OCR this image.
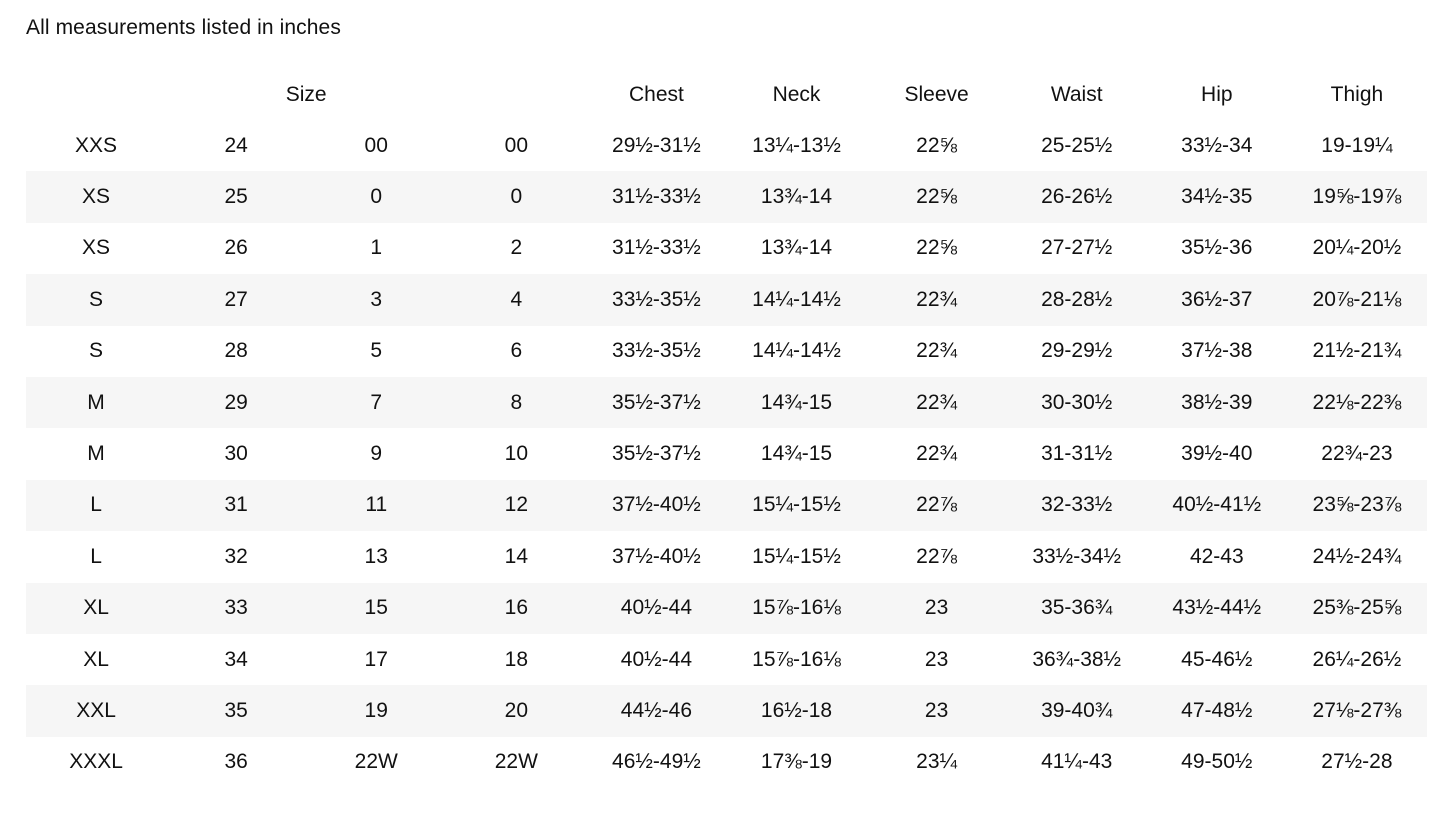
All measurements listed in inches
Size				Chest	Neck	Sleeve	Waist	Hip	Thigh
XXS	24	00	00	29½-31½	13¼-13½	22⅝	25-25½	33½-34	19-19¼
XS	25	0	0	31½-33½	13¾-14	22⅝	26-26½	34½-35	19⅝-19⅞
XS	26	1	2	31½-33½	13¾-14	22⅝	27-27½	35½-36	20¼-20½
S	27	3	4	33½-35½	14¼-14½	22¾	28-28½	36½-37	20⅞-21⅛
S	28	5	6	33½-35½	14¼-14½	22¾	29-29½	37½-38	21½-21¾
M	29	7	8	35½-37½	14¾-15	22¾	30-30½	38½-39	22⅛-22⅜
M	30	9	10	35½-37½	14¾-15	22¾	31-31½	39½-40	22¾-23
L	31	11	12	37½-40½	15¼-15½	22⅞	32-33½	40½-41½	23⅝-23⅞
L	32	13	14	37½-40½	15¼-15½	22⅞	33½-34½	42-43	24½-24¾
XL	33	15	16	40½-44	15⅞-16⅛	23	35-36¾	43½-44½	25⅜-25⅝
XL	34	17	18	40½-44	15⅞-16⅛	23	36¾-38½	45-46½	26¼-26½
XXL	35	19	20	44½-46	16½-18	23	39-40¾	47-48½	27⅛-27⅜
XXXL	36	22W	22W	46½-49½	17⅜-19	23¼	41¼-43	49-50½	27½-28
